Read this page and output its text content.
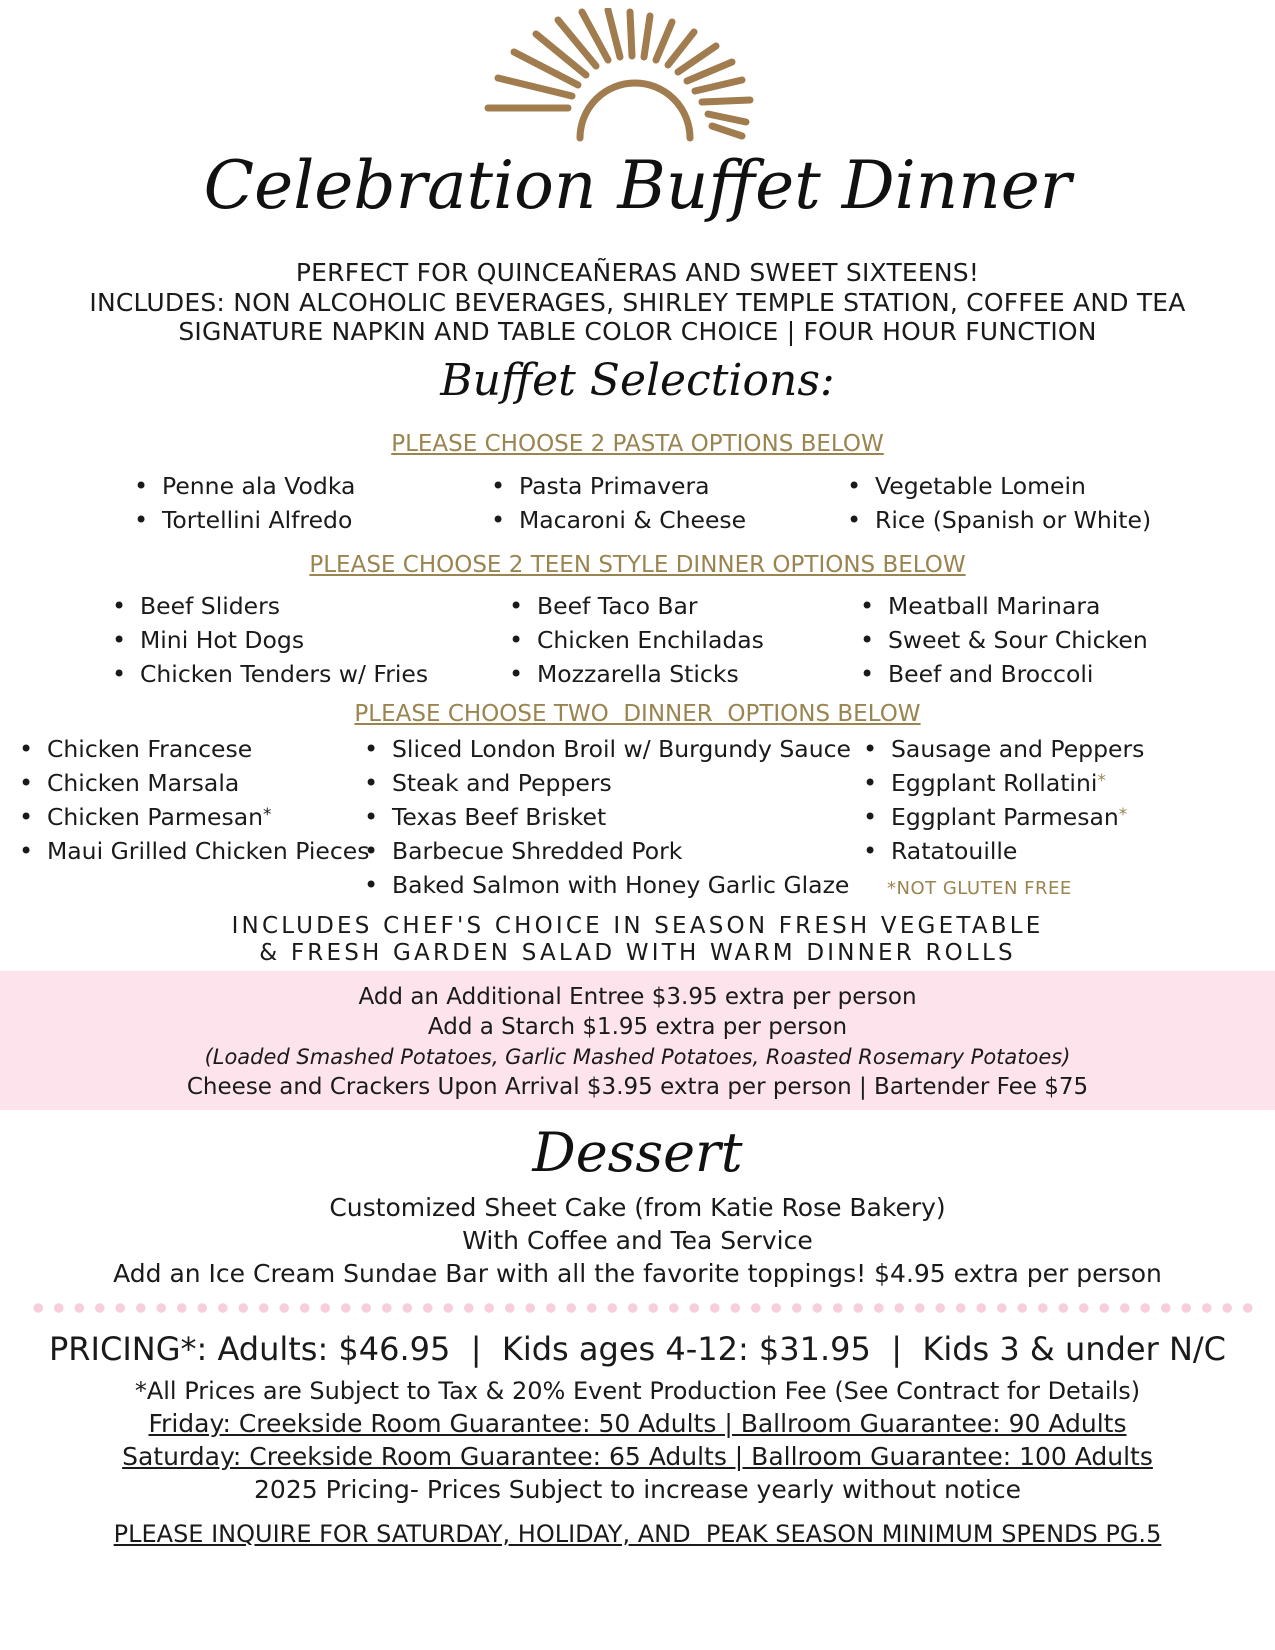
Celebration Buffet Dinner
PERFECT FOR QUINCEAÑERAS AND SWEET SIXTEENS!
INCLUDES: NON ALCOHOLIC BEVERAGES, SHIRLEY TEMPLE STATION, COFFEE AND TEA
SIGNATURE NAPKIN AND TABLE COLOR CHOICE | FOUR HOUR FUNCTION
Buffet Selections:
PLEASE CHOOSE 2 PASTA OPTIONS BELOW
• Penne ala Vodka
• Tortellini Alfredo
• Pasta Primavera
• Macaroni & Cheese
• Vegetable Lomein
• Rice (Spanish or White)
PLEASE CHOOSE 2 TEEN STYLE DINNER OPTIONS BELOW
• Beef Sliders
• Mini Hot Dogs
• Chicken Tenders w/ Fries
• Beef Taco Bar
• Chicken Enchiladas
• Mozzarella Sticks
• Meatball Marinara
• Sweet & Sour Chicken
• Beef and Broccoli
PLEASE CHOOSE TWO  DINNER  OPTIONS BELOW
• Chicken Francese
• Chicken Marsala
• Chicken Parmesan*
• Maui Grilled Chicken Pieces
• Sliced London Broil w/ Burgundy Sauce
• Steak and Peppers
• Texas Beef Brisket
• Barbecue Shredded Pork
• Baked Salmon with Honey Garlic Glaze
• Sausage and Peppers
• Eggplant Rollatini*
• Eggplant Parmesan*
• Ratatouille
*NOT GLUTEN FREE
INCLUDES CHEF'S CHOICE IN SEASON FRESH VEGETABLE
& FRESH GARDEN SALAD WITH WARM DINNER ROLLS

Add an Additional Entree $3.95 extra per person

Add a Starch $1.95 extra per person

(Loaded Smashed Potatoes, Garlic Mashed Potatoes, Roasted Rosemary Potatoes)

Cheese and Crackers Upon Arrival $3.95 extra per person | Bartender Fee $75

Dessert
Customized Sheet Cake (from Katie Rose Bakery)
With Coffee and Tea Service
Add an Ice Cream Sundae Bar with all the favorite toppings! $4.95 extra per person
PRICING*: Adults: $46.95  |  Kids ages 4-12: $31.95  |  Kids 3 & under N/C
*All Prices are Subject to Tax & 20% Event Production Fee (See Contract for Details)
Friday: Creekside Room Guarantee: 50 Adults | Ballroom Guarantee: 90 Adults
Saturday: Creekside Room Guarantee: 65 Adults | Ballroom Guarantee: 100 Adults
2025 Pricing- Prices Subject to increase yearly without notice
PLEASE INQUIRE FOR SATURDAY, HOLIDAY, AND  PEAK SEASON MINIMUM SPENDS PG.5
